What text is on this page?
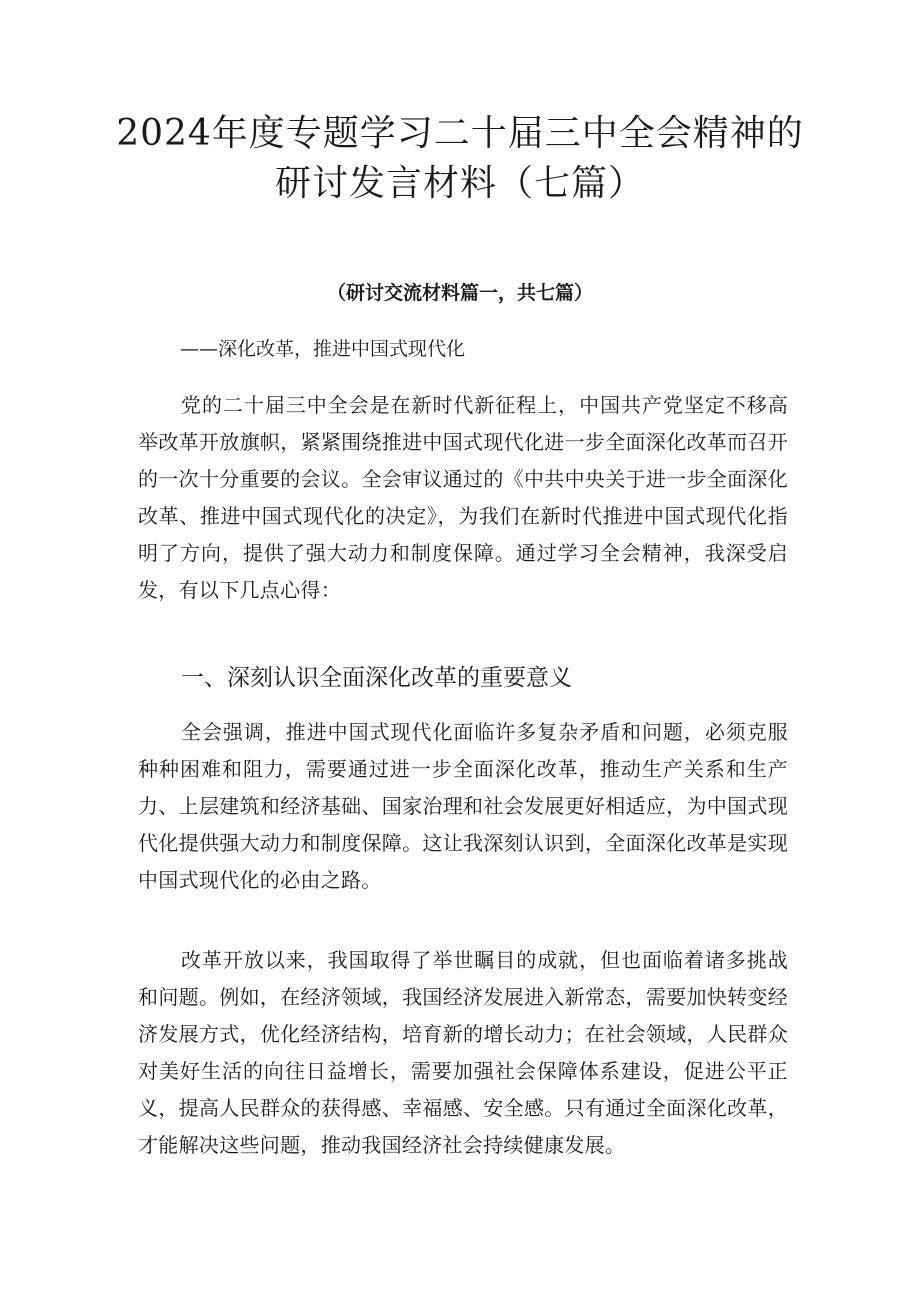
2024年度专题学习二十届三中全会精神的
研讨发言材料（七篇）

（研讨交流材料篇一，共七篇）

——深化改革，推进中国式现代化

党的二十届三中全会是在新时代新征程上，中国共产党坚定不移高举改革开放旗帜，紧紧围绕推进中国式现代化进一步全面深化改革而召开的一次十分重要的会议。全会审议通过的《中共中央关于进一步全面深化改革、推进中国式现代化的决定》，为我们在新时代推进中国式现代化指明了方向，提供了强大动力和制度保障。通过学习全会精神，我深受启发，有以下几点心得：

一、深刻认识全面深化改革的重要意义

全会强调，推进中国式现代化面临许多复杂矛盾和问题，必须克服种种困难和阻力，需要通过进一步全面深化改革，推动生产关系和生产力、上层建筑和经济基础、国家治理和社会发展更好相适应，为中国式现代化提供强大动力和制度保障。这让我深刻认识到，全面深化改革是实现中国式现代化的必由之路。

改革开放以来，我国取得了举世瞩目的成就，但也面临着诸多挑战和问题。例如，在经济领域，我国经济发展进入新常态，需要加快转变经济发展方式，优化经济结构，培育新的增长动力；在社会领域，人民群众对美好生活的向往日益增长，需要加强社会保障体系建设，促进公平正义，提高人民群众的获得感、幸福感、安全感。只有通过全面深化改革，才能解决这些问题，推动我国经济社会持续健康发展。
